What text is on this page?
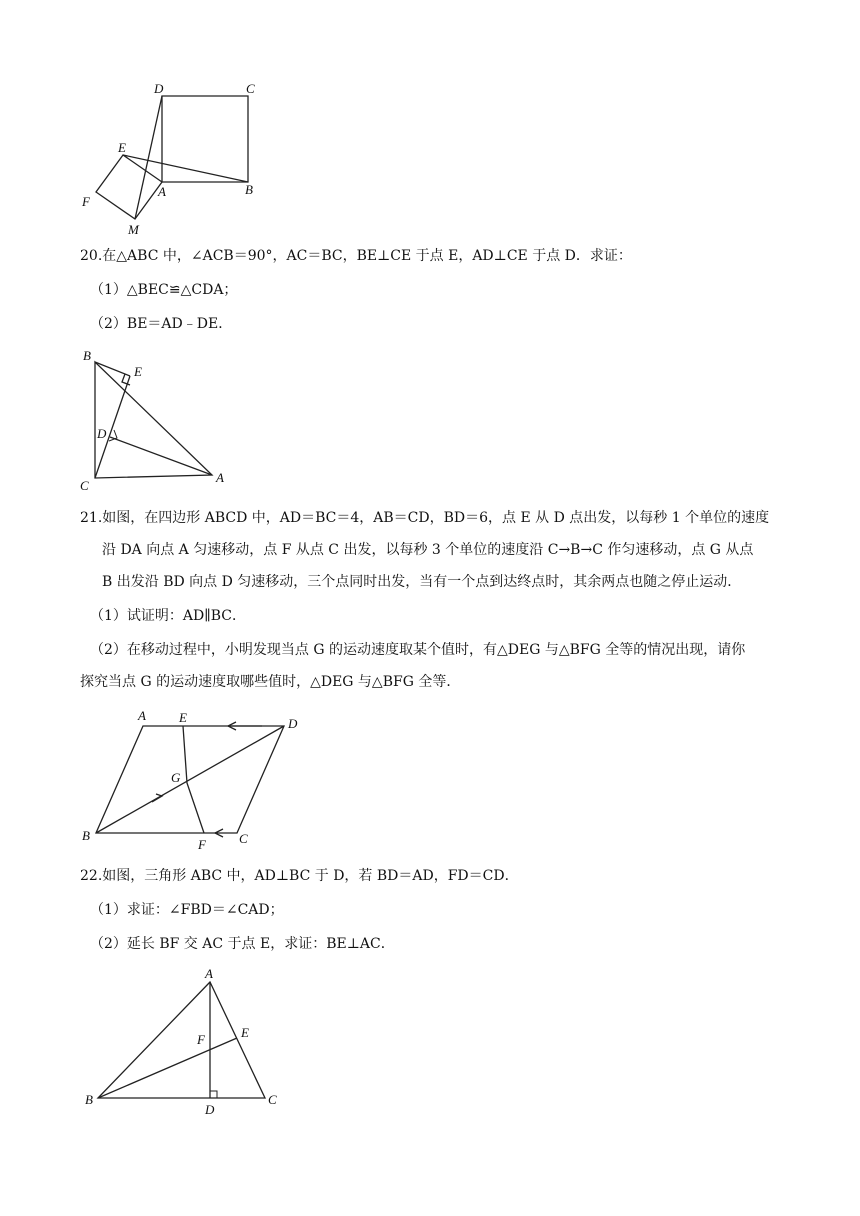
D	C
E
F
A	B
M
20.在△ABC 中，∠ACB＝90°，AC＝BC，BE⊥CE 于点 E，AD⊥CE 于点 D．求证：
（1）△BEC≌△CDA；
（2）BE＝AD﹣DE．
B
E
D
C
A
21.如图，在四边形 ABCD 中，AD＝BC＝4，AB＝CD，BD＝6，点 E 从 D 点出发，以每秒 1 个单位的速度
沿 DA 向点 A 匀速移动，点 F 从点 C 出发，以每秒 3 个单位的速度沿 C→B→C 作匀速移动，点 G 从点
B 出发沿 BD 向点 D 匀速移动，三个点同时出发，当有一个点到达终点时，其余两点也随之停止运动．
（1）试证明：AD∥BC．
（2）在移动过程中，小明发现当点 G 的运动速度取某个值时，有△DEG 与△BFG 全等的情况出现，请你
探究当点 G 的运动速度取哪些值时，△DEG 与△BFG 全等．
A	E	D
G
B
F	C
22.如图，三角形 ABC 中，AD⊥BC 于 D，若 BD＝AD，FD＝CD．
（1）求证：∠FBD＝∠CAD；
（2）延长 BF 交 AC 于点 E，求证：BE⊥AC．
A
F	E
B
D
C
